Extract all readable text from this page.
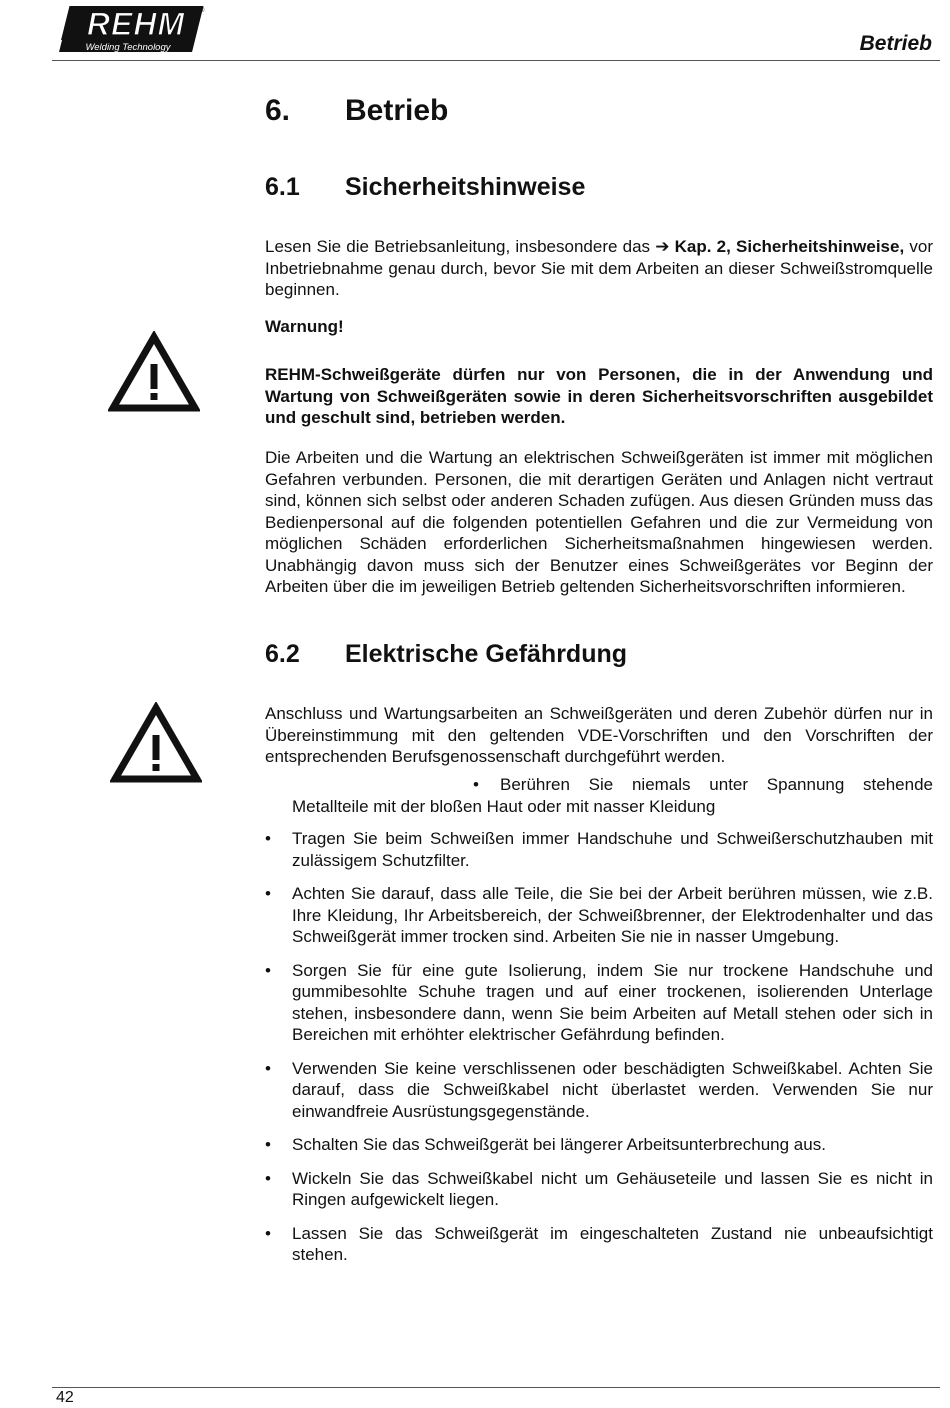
REHM
Welding Technology
®
Betrieb
6. Betrieb
6.1 Sicherheitshinweise

Lesen Sie die Betriebsanleitung, insbesondere das ➔ Kap. 2, Sicherheitshinweise, vor Inbetriebnahme genau durch, bevor Sie mit dem Arbeiten an dieser Schweißstromquelle beginnen.

Warnung!

REHM-Schweißgeräte dürfen nur von Personen, die in der Anwendung und Wartung von Schweißgeräten sowie in deren Sicherheitsvorschriften ausgebildet und geschult sind, betrieben werden.

Die Arbeiten und die Wartung an elektrischen Schweißgeräten ist immer mit möglichen Gefahren verbunden. Personen, die mit derartigen Geräten und Anlagen nicht vertraut sind, können sich selbst oder anderen Schaden zufügen. Aus diesen Gründen muss das Bedienpersonal auf die folgenden potentiellen Gefahren und die zur Vermeidung von möglichen Schäden erforderlichen Sicherheitsmaßnahmen hingewiesen werden. Unabhängig davon muss sich der Benutzer eines Schweißgerätes vor Beginn der Arbeiten über die im jeweiligen Betrieb geltenden Sicherheitsvorschriften informieren.

6.2 Elektrische Gefährdung

Anschluss und Wartungsarbeiten an Schweißgeräten und deren Zubehör dürfen nur in Übereinstimmung mit den geltenden VDE-Vorschriften und den Vorschriften der entsprechenden Berufsgenossenschaft durchgeführt werden.

• Berühren Sie niemals unter Spannung stehende
Metallteile mit der bloßen Haut oder mit nasser Kleidung
• Tragen Sie beim Schweißen immer Handschuhe und Schweißerschutzhauben mit zulässigem Schutzfilter.
• Achten Sie darauf, dass alle Teile, die Sie bei der Arbeit berühren müssen, wie z.B. Ihre Kleidung, Ihr Arbeitsbereich, der Schweißbrenner, der Elektrodenhalter und das Schweißgerät immer trocken sind. Arbeiten Sie nie in nasser Umgebung.
• Sorgen Sie für eine gute Isolierung, indem Sie nur trockene Handschuhe und gummibesohlte Schuhe tragen und auf einer trockenen, isolierenden Unterlage stehen, insbesondere dann, wenn Sie beim Arbeiten auf Metall stehen oder sich in Bereichen mit erhöhter elektrischer Gefährdung befinden.
• Verwenden Sie keine verschlissenen oder beschädigten Schweißkabel. Achten Sie darauf, dass die Schweißkabel nicht überlastet werden. Verwenden Sie nur einwandfreie Ausrüstungsgegenstände.
• Schalten Sie das Schweißgerät bei längerer Arbeitsunterbrechung aus.
• Wickeln Sie das Schweißkabel nicht um Gehäuseteile und lassen Sie es nicht in Ringen aufgewickelt liegen.
• Lassen Sie das Schweißgerät im eingeschalteten Zustand nie unbeaufsichtigt stehen.
42
